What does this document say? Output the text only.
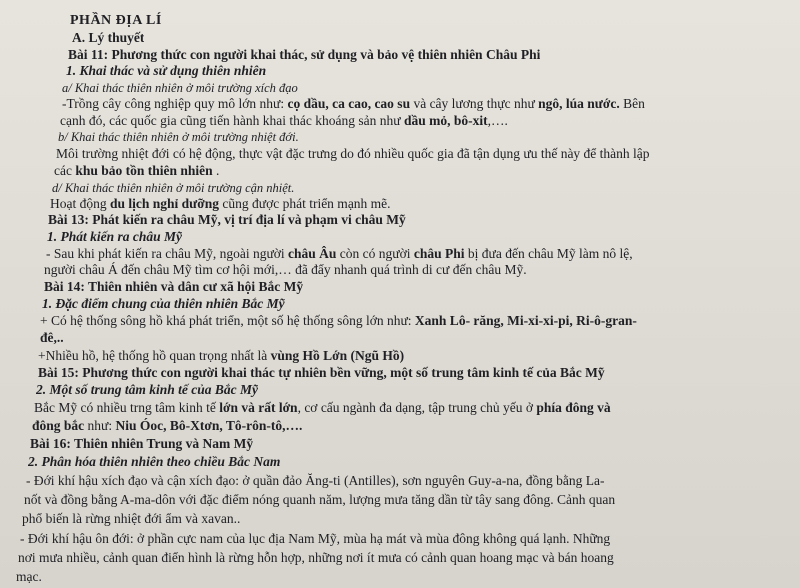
PHẦN ĐỊA LÍ
A. Lý thuyết
Bài 11: Phương thức con người khai thác, sử dụng và bảo vệ thiên nhiên Châu Phi
1. Khai thác và sử dụng thiên nhiên
a/ Khai thác thiên nhiên ở môi trường xích đạo
-Trồng cây công nghiệp quy mô lớn như: cọ dầu, ca cao, cao su và cây lương thực như ngô, lúa nước. Bên
cạnh đó, các quốc gia cũng tiến hành khai thác khoáng sản như dầu mỏ, bô-xit,….
b/ Khai thác thiên nhiên ở môi trường nhiệt đới.
Môi trường nhiệt đới có hệ động, thực vật đặc trưng do đó nhiều quốc gia đã tận dụng ưu thế này để thành lập
các khu bảo tồn thiên nhiên .
d/ Khai thác thiên nhiên ở môi trường cận nhiệt.
Hoạt động du lịch nghỉ dưỡng cũng được phát triển mạnh mẽ.
Bài 13: Phát kiến ra châu Mỹ, vị trí địa lí và phạm vi châu Mỹ
1. Phát kiến ra châu Mỹ
- Sau khi phát kiến ra châu Mỹ, ngoài người châu Âu còn có người châu Phi bị đưa đến châu Mỹ làm nô lệ,
người châu Á đến châu Mỹ tìm cơ hội mới,… đã đẩy nhanh quá trình di cư đến châu Mỹ.
Bài 14: Thiên nhiên và dân cư xã hội Bắc Mỹ
1. Đặc điểm chung của thiên nhiên Bắc Mỹ
+ Có hệ thống sông hồ khá phát triển, một số hệ thống sông lớn như: Xanh Lô- răng, Mi-xi-xi-pi, Ri-ô-gran-
đê,..
+Nhiều hồ, hệ thống hồ quan trọng nhất là vùng Hồ Lớn (Ngũ Hồ)
Bài 15: Phương thức con người khai thác tự nhiên bền vững, một số trung tâm kinh tế của Bắc Mỹ
2. Một số trung tâm kinh tế của Bắc Mỹ
Bắc Mỹ có nhiều trng tâm kinh tế lớn và rất lớn, cơ cấu ngành đa dạng, tập trung chủ yếu ở phía đông và
đông bắc như: Niu Óoc, Bô-Xtơn, Tô-rôn-tô,….
Bài 16: Thiên nhiên Trung và Nam Mỹ
2. Phân hóa thiên nhiên theo chiều Bắc Nam
- Đới khí hậu xích đạo và cận xích đạo: ở quần đảo Ăng-ti (Antilles), sơn nguyên Guy-a-na, đồng bằng La-
nốt và đồng bằng A-ma-dôn với đặc điểm nóng quanh năm, lượng mưa tăng dần từ tây sang đông. Cảnh quan
phổ biến là rừng nhiệt đới ẩm và xavan..
- Đới khí hậu ôn đới: ở phần cực nam của lục địa Nam Mỹ, mùa hạ mát và mùa đông không quá lạnh. Những
nơi mưa nhiều, cảnh quan điển hình là rừng hỗn hợp, những nơi ít mưa có cảnh quan hoang mạc và bán hoang
mạc.
